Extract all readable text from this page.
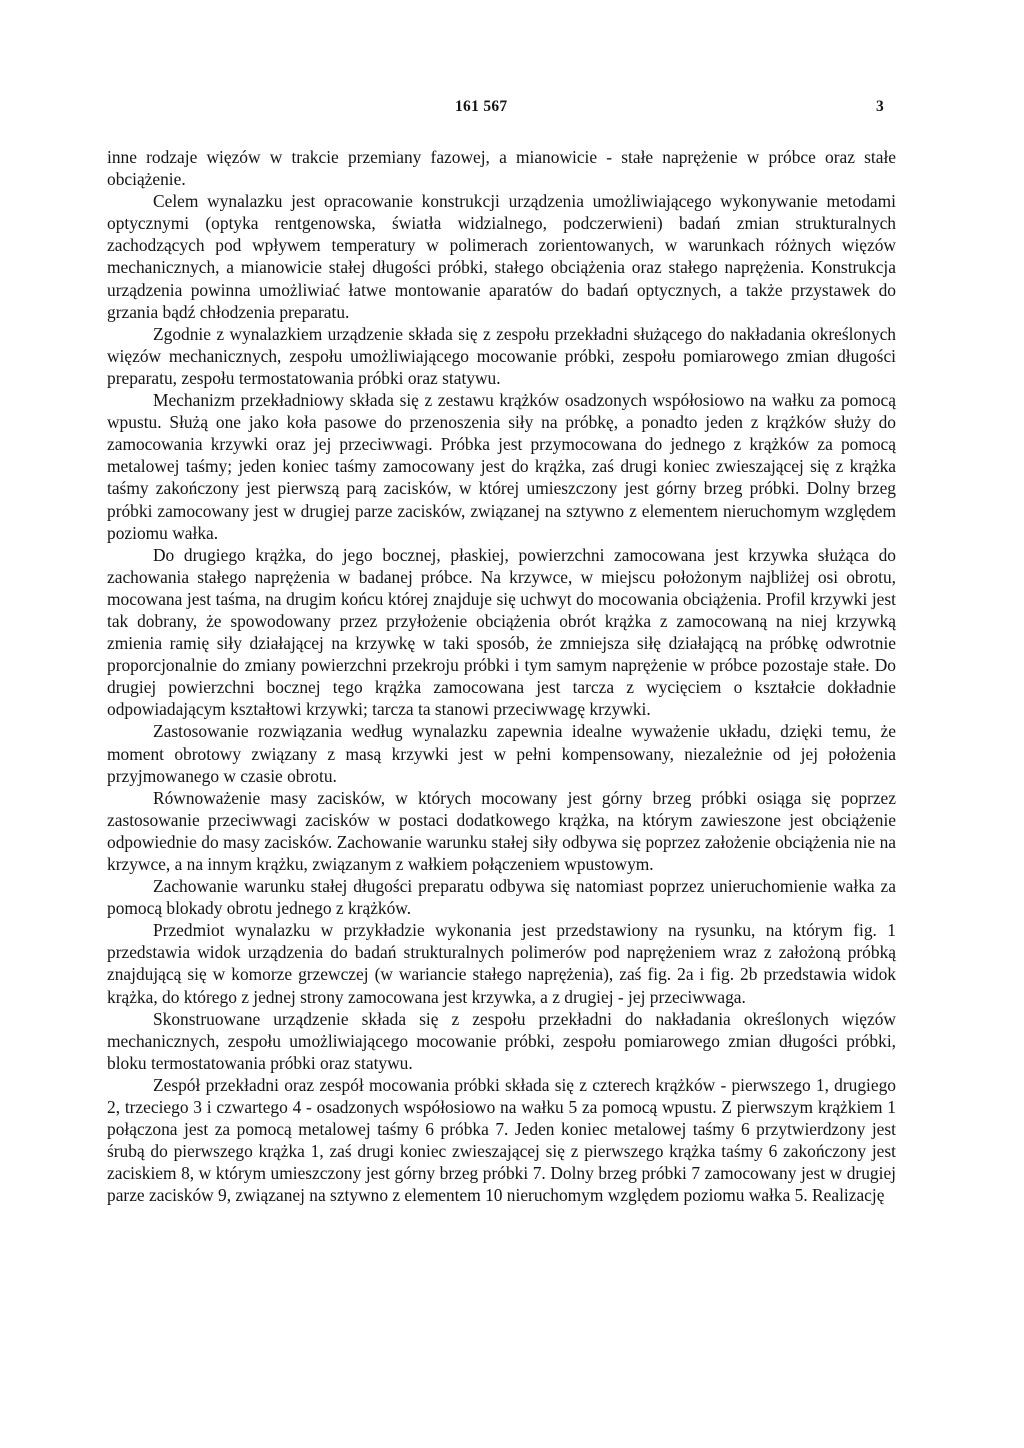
161 567	3

inne rodzaje więzów w trakcie przemiany fazowej, a mianowicie - stałe naprężenie w próbce oraz stałe obciążenie.

Celem wynalazku jest opracowanie konstrukcji urządzenia umożliwiającego wykonywanie metodami optycznymi (optyka rentgenowska, światła widzialnego, podczerwieni) badań zmian strukturalnych zachodzących pod wpływem temperatury w polimerach zorientowanych, w warunkach różnych więzów mechanicznych, a mianowicie stałej długości próbki, stałego obciążenia oraz stałego naprężenia. Konstrukcja urządzenia powinna umożliwiać łatwe montowanie aparatów do badań optycznych, a także przystawek do grzania bądź chłodzenia preparatu.

Zgodnie z wynalazkiem urządzenie składa się z zespołu przekładni służącego do nakładania określonych więzów mechanicznych, zespołu umożliwiającego mocowanie próbki, zespołu pomiarowego zmian długości preparatu, zespołu termostatowania próbki oraz statywu.

Mechanizm przekładniowy składa się z zestawu krążków osadzonych współosiowo na wałku za pomocą wpustu. Służą one jako koła pasowe do przenoszenia siły na próbkę, a ponadto jeden z krążków służy do zamocowania krzywki oraz jej przeciwwagi. Próbka jest przymocowana do jednego z krążków za pomocą metalowej taśmy; jeden koniec taśmy zamocowany jest do krążka, zaś drugi koniec zwieszającej się z krążka taśmy zakończony jest pierwszą parą zacisków, w której umieszczony jest górny brzeg próbki. Dolny brzeg próbki zamocowany jest w drugiej parze zacisków, związanej na sztywno z elementem nieruchomym względem poziomu wałka.

Do drugiego krążka, do jego bocznej, płaskiej, powierzchni zamocowana jest krzywka służąca do zachowania stałego naprężenia w badanej próbce. Na krzywce, w miejscu położonym najbliżej osi obrotu, mocowana jest taśma, na drugim końcu której znajduje się uchwyt do mocowania obciążenia. Profil krzywki jest tak dobrany, że spowodowany przez przyłożenie obciążenia obrót krążka z zamocowaną na niej krzywką zmienia ramię siły działającej na krzywkę w taki sposób, że zmniejsza siłę działającą na próbkę odwrotnie proporcjonalnie do zmiany powierzchni przekroju próbki i tym samym naprężenie w próbce pozostaje stałe. Do drugiej powierzchni bocznej tego krążka zamocowana jest tarcza z wycięciem o kształcie dokładnie odpowiadającym kształtowi krzywki; tarcza ta stanowi przeciwwagę krzywki.

Zastosowanie rozwiązania według wynalazku zapewnia idealne wyważenie układu, dzięki temu, że moment obrotowy związany z masą krzywki jest w pełni kompensowany, niezależnie od jej położenia przyjmowanego w czasie obrotu.

Równoważenie masy zacisków, w których mocowany jest górny brzeg próbki osiąga się poprzez zastosowanie przeciwwagi zacisków w postaci dodatkowego krążka, na którym zawieszone jest obciążenie odpowiednie do masy zacisków. Zachowanie warunku stałej siły odbywa się poprzez założenie obciążenia nie na krzywce, a na innym krążku, związanym z wałkiem połączeniem wpustowym.

Zachowanie warunku stałej długości preparatu odbywa się natomiast poprzez unieruchomienie wałka za pomocą blokady obrotu jednego z krążków.

Przedmiot wynalazku w przykładzie wykonania jest przedstawiony na rysunku, na którym fig. 1 przedstawia widok urządzenia do badań strukturalnych polimerów pod naprężeniem wraz z założoną próbką znajdującą się w komorze grzewczej (w wariancie stałego naprężenia), zaś fig. 2a i fig. 2b przedstawia widok krążka, do którego z jednej strony zamocowana jest krzywka, a z drugiej - jej przeciwwaga.

Skonstruowane urządzenie składa się z zespołu przekładni do nakładania określonych więzów mechanicznych, zespołu umożliwiającego mocowanie próbki, zespołu pomiarowego zmian długości próbki, bloku termostatowania próbki oraz statywu.

Zespół przekładni oraz zespół mocowania próbki składa się z czterech krążków - pierwszego 1, drugiego 2, trzeciego 3 i czwartego 4 - osadzonych współosiowo na wałku 5 za pomocą wpustu. Z pierwszym krążkiem 1 połączona jest za pomocą metalowej taśmy 6 próbka 7. Jeden koniec metalowej taśmy 6 przytwierdzony jest śrubą do pierwszego krążka 1, zaś drugi koniec zwieszającej się z pierwszego krążka taśmy 6 zakończony jest zaciskiem 8, w którym umieszczony jest górny brzeg próbki 7. Dolny brzeg próbki 7 zamocowany jest w drugiej parze zacisków 9, związanej na sztywno z elementem 10 nieruchomym względem poziomu wałka 5. Realizację
